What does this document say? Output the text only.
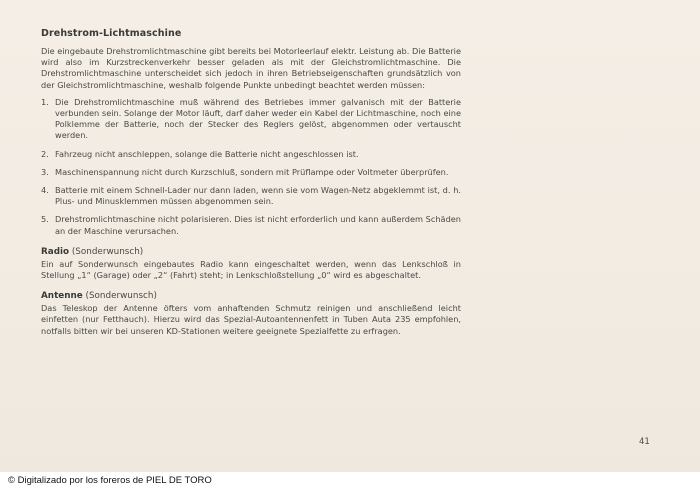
Drehstrom-Lichtmaschine

Die eingebaute Drehstromlichtmaschine gibt bereits bei Motorleerlauf elektr. Leistung ab. Die Batterie wird also im Kurzstreckenverkehr besser geladen als mit der Gleichstromlichtmaschine. Die Drehstromlichtmaschine unterscheidet sich jedoch in ihren Betriebseigenschaften grundsätzlich von der Gleichstromlichtmaschine, weshalb folgende Punkte unbedingt beachtet werden müssen:

1. Die Drehstromlichtmaschine muß während des Betriebes immer galvanisch mit der Batterie verbunden sein. Solange der Motor läuft, darf daher weder ein Kabel der Lichtmaschine, noch eine Polklemme der Batterie, noch der Stecker des Reglers gelöst, abgenommen oder vertauscht werden.
2. Fahrzeug nicht anschleppen, solange die Batterie nicht angeschlossen ist.
3. Maschinenspannung nicht durch Kurzschluß, sondern mit Prüflampe oder Voltmeter überprüfen.
4. Batterie mit einem Schnell-Lader nur dann laden, wenn sie vom Wagen-Netz abgeklemmt ist, d. h. Plus- und Minusklemmen müssen abgenommen sein.
5. Drehstromlichtmaschine nicht polarisieren. Dies ist nicht erforderlich und kann außerdem Schäden an der Maschine verursachen.
Radio (Sonderwunsch)

Ein auf Sonderwunsch eingebautes Radio kann eingeschaltet werden, wenn das Lenkschloß in Stellung „1“ (Garage) oder „2“ (Fahrt) steht; in Lenkschloßstellung „0“ wird es abgeschaltet.

Antenne (Sonderwunsch)

Das Teleskop der Antenne öfters vom anhaftenden Schmutz reinigen und anschließend leicht einfetten (nur Fetthauch). Hierzu wird das Spezial-Autoantennenfett in Tuben Auta 235 empfohlen, notfalls bitten wir bei unseren KD-Stationen weitere geeignete Spezialfette zu erfragen.

41
© Digitalizado por los foreros de PIEL DE TORO
